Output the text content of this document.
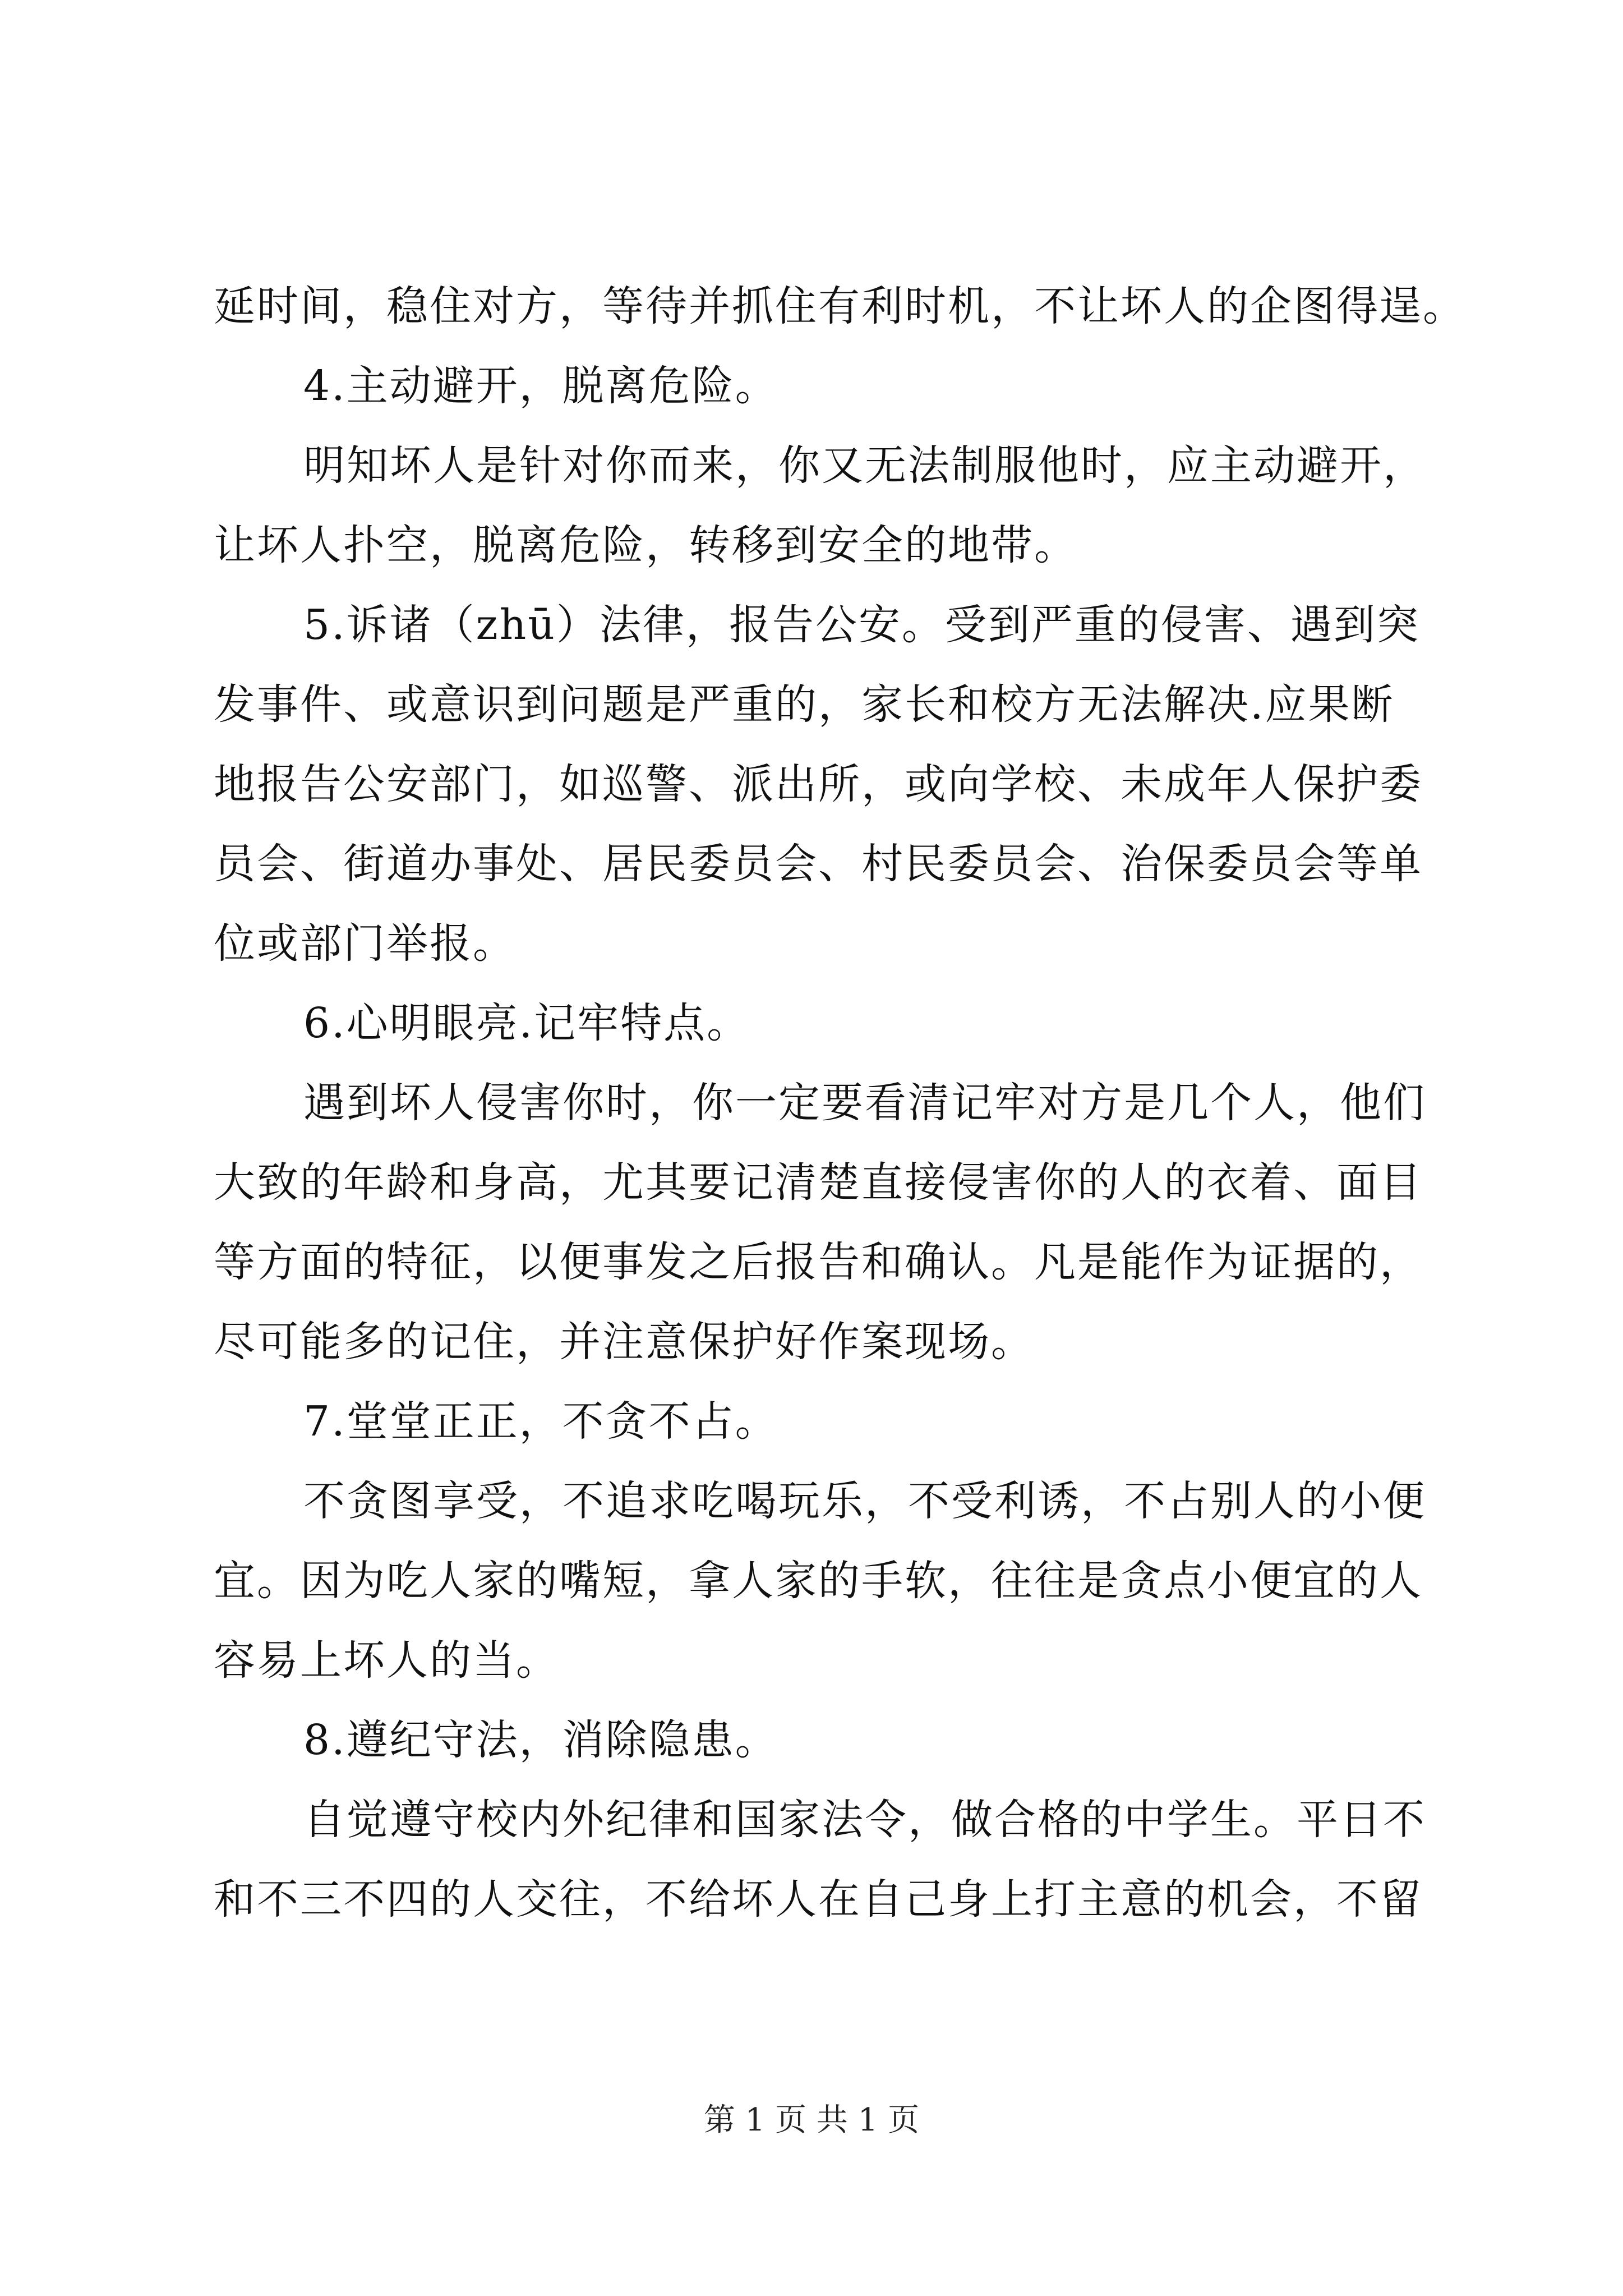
延时间，稳住对方，等待并抓住有利时机，不让坏人的企图得逞。
4.主动避开，脱离危险。
明知坏人是针对你而来，你又无法制服他时，应主动避开，
让坏人扑空，脱离危险，转移到安全的地带。
5.诉诸（zhū）法律，报告公安。受到严重的侵害、遇到突
发事件、或意识到问题是严重的，家长和校方无法解决.应果断
地报告公安部门，如巡警、派出所，或向学校、未成年人保护委
员会、街道办事处、居民委员会、村民委员会、治保委员会等单
位或部门举报。
6.心明眼亮.记牢特点。
遇到坏人侵害你时，你一定要看清记牢对方是几个人，他们
大致的年龄和身高，尤其要记清楚直接侵害你的人的衣着、面目
等方面的特征，以便事发之后报告和确认。凡是能作为证据的，
尽可能多的记住，并注意保护好作案现场。
7.堂堂正正，不贪不占。
不贪图享受，不追求吃喝玩乐，不受利诱，不占别人的小便
宜。因为吃人家的嘴短，拿人家的手软，往往是贪点小便宜的人
容易上坏人的当。
8.遵纪守法，消除隐患。
自觉遵守校内外纪律和国家法令，做合格的中学生。平日不
和不三不四的人交往，不给坏人在自己身上打主意的机会，不留
第 1 页 共 1 页
